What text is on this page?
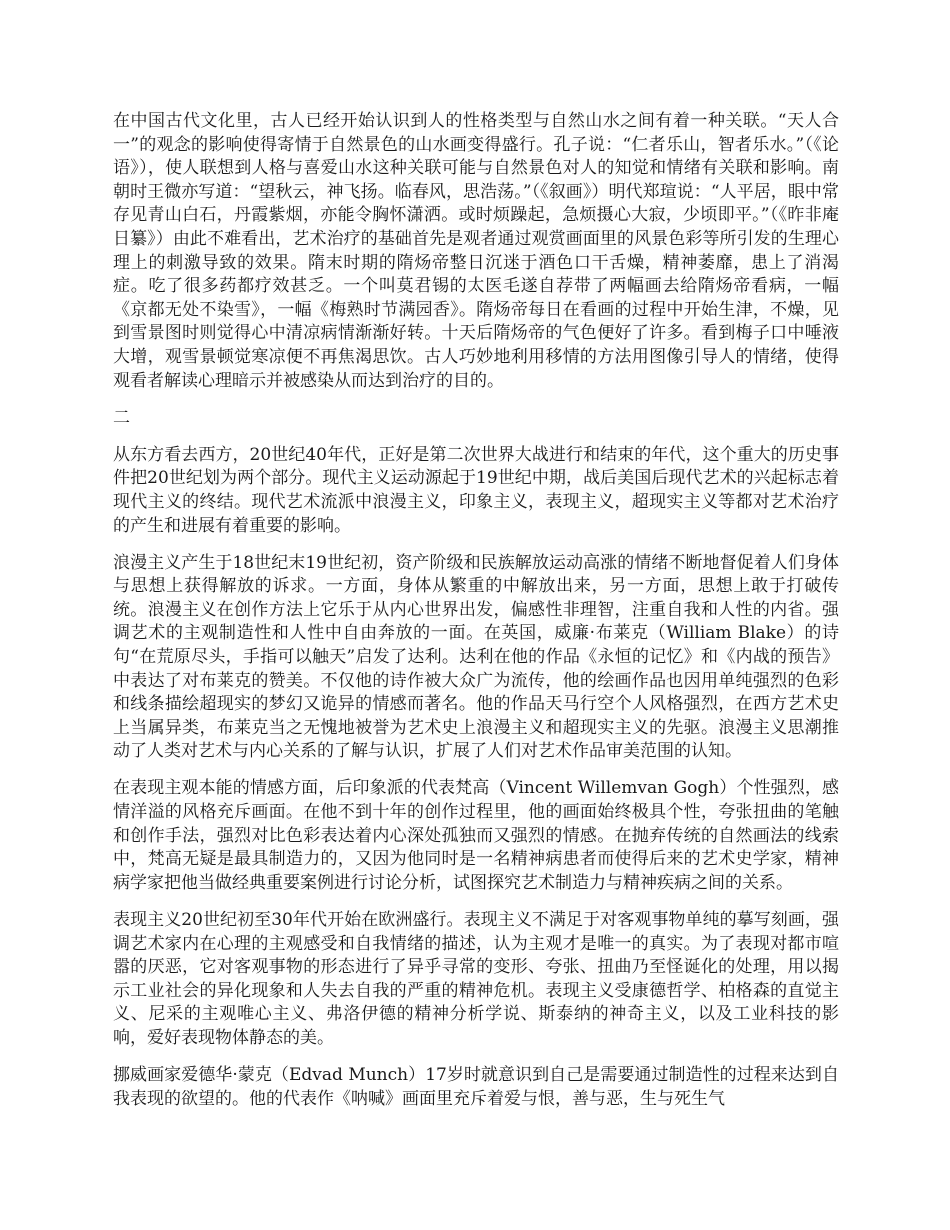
在中国古代文化里，古人已经开始认识到人的性格类型与自然山水之间有着一种关联。“天人合一”的观念的影响使得寄情于自然景色的山水画变得盛行。孔子说：“仁者乐山，智者乐水。”（《论语》），使人联想到人格与喜爱山水这种关联可能与自然景色对人的知觉和情绪有关联和影响。南朝时王微亦写道：“望秋云，神飞扬。临春风，思浩荡。”（《叙画》）明代郑瑄说：“人平居，眼中常存见青山白石，丹霞紫烟，亦能令胸怀潇洒。或时烦躁起，急烦摄心大寂，少顷即平。”（《昨非庵日纂》）由此不难看出，艺术治疗的基础首先是观者通过观赏画面里的风景色彩等所引发的生理心理上的刺激导致的效果。隋末时期的隋炀帝整日沉迷于酒色口干舌燥，精神萎靡，患上了消渴症。吃了很多药都疗效甚乏。一个叫莫君锡的太医毛遂自荐带了两幅画去给隋炀帝看病，一幅《京都无处不染雪》，一幅《梅熟时节满园香》。隋炀帝每日在看画的过程中开始生津，不燥，见到雪景图时则觉得心中清凉病情渐渐好转。十天后隋炀帝的气色便好了许多。看到梅子口中唾液大增，观雪景顿觉寒凉便不再焦渴思饮。古人巧妙地利用移情的方法用图像引导人的情绪，使得观看者解读心理暗示并被感染从而达到治疗的目的。

二

从东方看去西方，20世纪40年代，正好是第二次世界大战进行和结束的年代，这个重大的历史事件把20世纪划为两个部分。现代主义运动源起于19世纪中期，战后美国后现代艺术的兴起标志着现代主义的终结。现代艺术流派中浪漫主义，印象主义，表现主义，超现实主义等都对艺术治疗的产生和进展有着重要的影响。

浪漫主义产生于18世纪末19世纪初，资产阶级和民族解放运动高涨的情绪不断地督促着人们身体与思想上获得解放的诉求。一方面，身体从繁重的中解放出来，另一方面，思想上敢于打破传统。浪漫主义在创作方法上它乐于从内心世界出发，偏感性非理智，注重自我和人性的内省。强调艺术的主观制造性和人性中自由奔放的一面。在英国，威廉·布莱克（William Blake）的诗句“在荒原尽头，手指可以触天”启发了达利。达利在他的作品《永恒的记忆》和《内战的预告》中表达了对布莱克的赞美。不仅他的诗作被大众广为流传，他的绘画作品也因用单纯强烈的色彩和线条描绘超现实的梦幻又诡异的情感而著名。他的作品天马行空个人风格强烈，在西方艺术史上当属异类，布莱克当之无愧地被誉为艺术史上浪漫主义和超现实主义的先驱。浪漫主义思潮推动了人类对艺术与内心关系的了解与认识，扩展了人们对艺术作品审美范围的认知。

在表现主观本能的情感方面，后印象派的代表梵高（Vincent Willemvan Gogh）个性强烈，感情洋溢的风格充斥画面。在他不到十年的创作过程里，他的画面始终极具个性，夸张扭曲的笔触和创作手法，强烈对比色彩表达着内心深处孤独而又强烈的情感。在抛弃传统的自然画法的线索中，梵高无疑是最具制造力的，又因为他同时是一名精神病患者而使得后来的艺术史学家，精神病学家把他当做经典重要案例进行讨论分析，试图探究艺术制造力与精神疾病之间的关系。

表现主义20世纪初至30年代开始在欧洲盛行。表现主义不满足于对客观事物单纯的摹写刻画，强调艺术家内在心理的主观感受和自我情绪的描述，认为主观才是唯一的真实。为了表现对都市喧嚣的厌恶，它对客观事物的形态进行了异乎寻常的变形、夸张、扭曲乃至怪诞化的处理，用以揭示工业社会的异化现象和人失去自我的严重的精神危机。表现主义受康德哲学、柏格森的直觉主义、尼采的主观唯心主义、弗洛伊德的精神分析学说、斯泰纳的神奇主义，以及工业科技的影响，爱好表现物体静态的美。

挪威画家爱德华·蒙克（Edvad Munch）17岁时就意识到自己是需要通过制造性的过程来达到自我表现的欲望的。他的代表作《呐喊》画面里充斥着爱与恨，善与恶，生与死生气
